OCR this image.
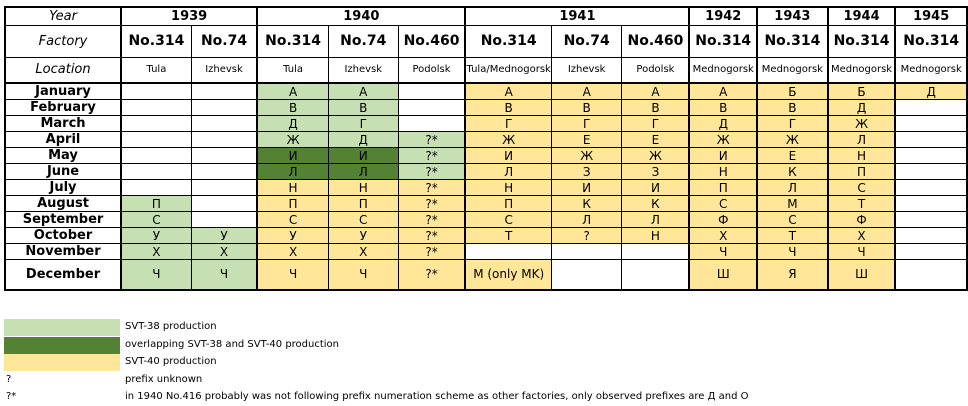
Year	1939		1940			1941			1942	1943	1944	1945
Factory	No.314	No.74	No.314	No.74	No.460	No.314	No.74	No.460	No.314	No.314	No.314	No.314
Location	Tula	Izhevsk	Tula	Izhevsk	Podolsk	Tula/Mednogorsk	Izhevsk	Podolsk	Mednogorsk	Mednogorsk	Mednogorsk	Mednogorsk
January			А	А		А	А	А	А	Б	Б	Д
February			В	В		В	В	В	В	В	Д	
March			Д	Г		Г	Г	Г	Д	Г	Ж	
April			Ж	Д	?*	Ж	Е	Е	Ж	Ж	Л	
May			И	И	?*	И	Ж	Ж	И	Е	Н	
June			Л	Л	?*	Л	З	З	Н	К	П	
July			Н	Н	?*	Н	И	И	П	Л	С	
August	П		П	П	?*	П	К	К	С	М	Т	
September	С		С	С	?*	С	Л	Л	Ф	С	Ф	
October	У	У	У	У	?*	Т	?	Н	Х	Т	Х	
November	Х	Х	Х	Х	?*				Ч	Ч	Ч	
December	Ч	Ч	Ч	Ч	?*	M (only MK)			Ш	Я	Ш	
SVT-38 production
overlapping SVT-38 and SVT-40 production
SVT-40 production
?	prefix unknown
?*	in 1940 No.416 probably was not following prefix numeration scheme as other factories, only observed prefixes are Д and О
